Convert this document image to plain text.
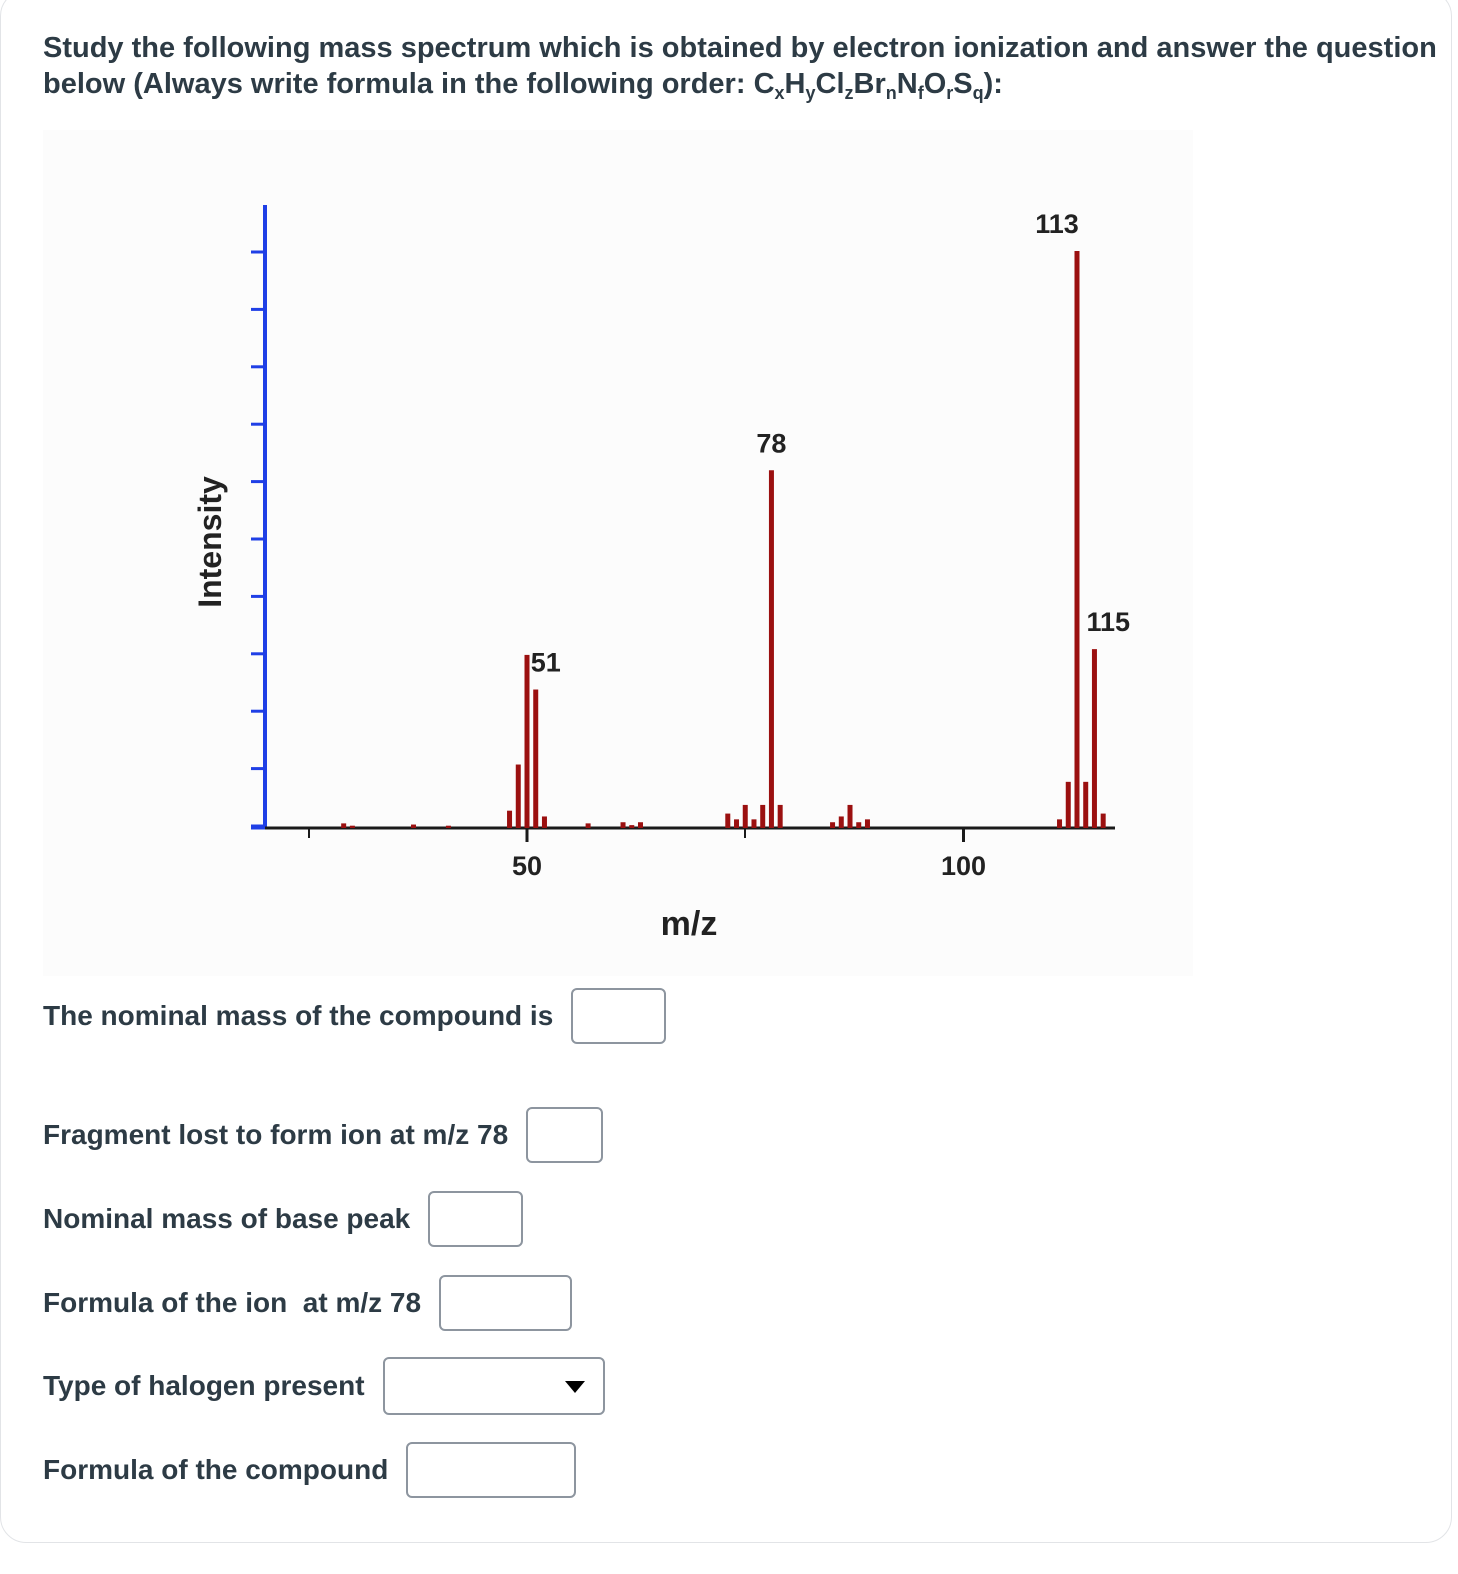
Study the following mass spectrum which is obtained by electron ionization and answer the question
below (Always write formula in the following order: $C_xH_yCl_zBr_nN_fO_rS_q$):
50	100
51
78
113
115
m/z
Intensity
The nominal mass of the compound is
Fragment lost to form ion at m/z 78
Nominal mass of base peak
Formula of the ion  at m/z 78
Type of halogen present
Formula of the compound
